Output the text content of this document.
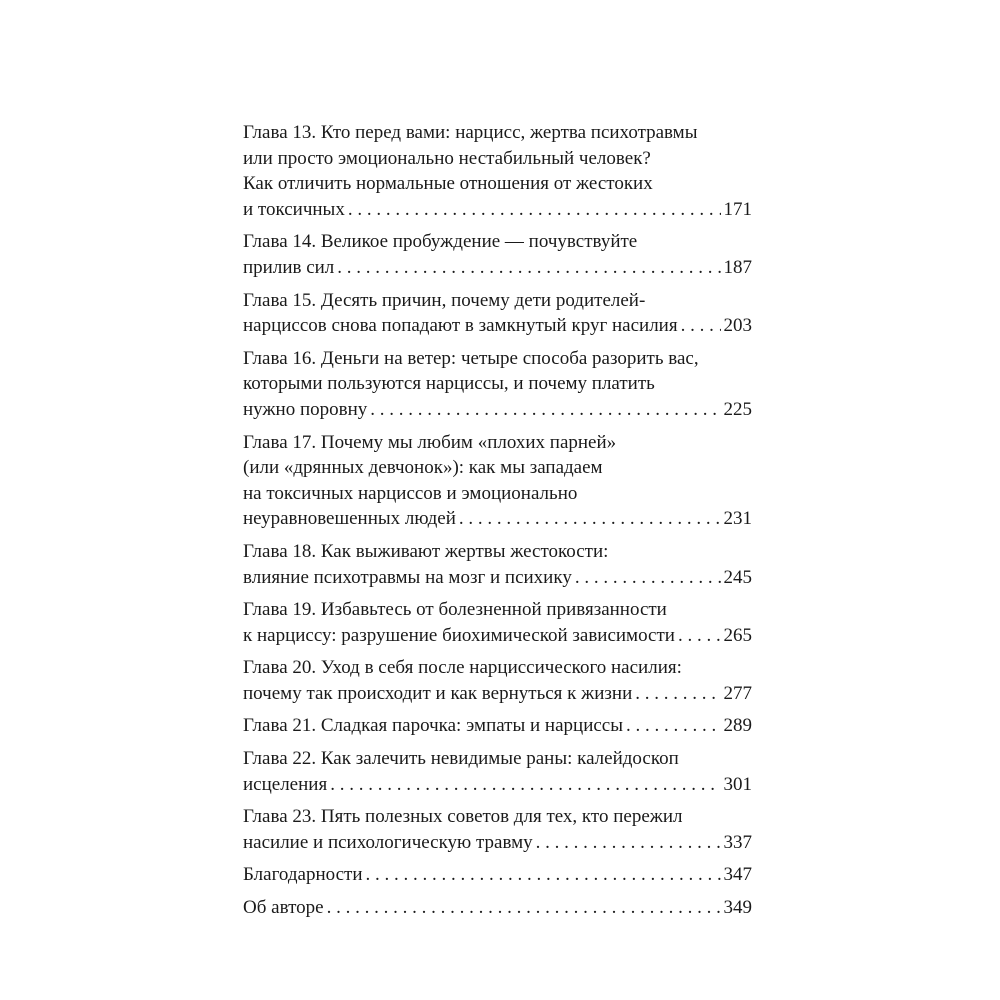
Глава 13. Кто перед вами: нарцисс, жертва психотравмы
или просто эмоционально нестабильный человек?
Как отличить нормальные отношения от жестоких
и токсичных . . .	171
Глава 14. Великое пробуждение — почувствуйте
прилив сил . . .	187
Глава 15. Десять причин, почему дети родителей-
нарциссов снова попадают в замкнутый круг насилия . . . 203
Глава 16. Деньги на ветер: четыре способа разорить вас,
которыми пользуются нарциссы, и почему платить
нужно поровну . . .	225
Глава 17. Почему мы любим «плохих парней»
(или «дрянных девчонок»): как мы западаем
на токсичных нарциссов и эмоционально
неуравновешенных людей . . .	231
Глава 18. Как выживают жертвы жестокости:
влияние психотравмы на мозг и психику . . .	245
Глава 19. Избавьтесь от болезненной привязанности
к нарциссу: разрушение биохимической зависимости . . .	265
Глава 20. Уход в себя после нарциссического насилия:
почему так происходит и как вернуться к жизни . . .	277
Глава 21. Сладкая парочка: эмпаты и нарциссы . . .	289
Глава 22. Как залечить невидимые раны: калейдоскоп
исцеления . . .	301
Глава 23. Пять полезных советов для тех, кто пережил
насилие и психологическую травму . . .	337
Благодарности . . .	347
Об авторе . . .	349
